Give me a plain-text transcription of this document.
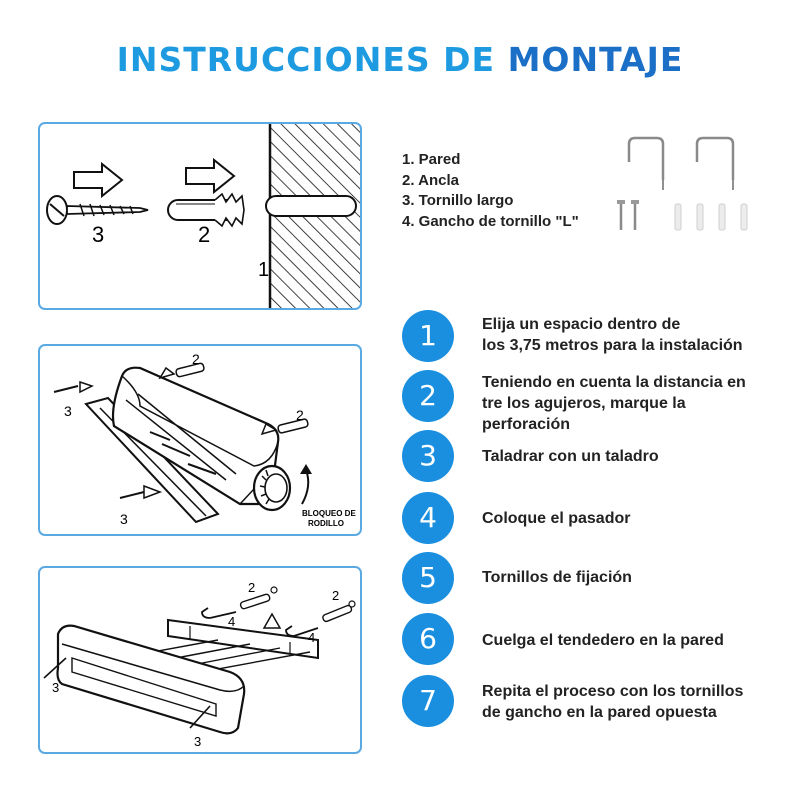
INSTRUCCIONES DE MONTAJE
3	2
1
2
2
3
3	BLOQUEO DE
RODILLO
2
2
4
4
3
3
1. Pared
2. Ancla
3. Tornillo largo
4. Gancho de tornillo "L"
1	Elija un espacio dentro de
los 3,75 metros para la instalación
2	Teniendo en cuenta la distancia en
tre los agujeros, marque la
perforación
3	Taladrar con un taladro
4	Coloque el pasador
5	Tornillos de fijación
6	Cuelga el tendedero en la pared
7	Repita el proceso con los tornillos
de gancho en la pared opuesta
